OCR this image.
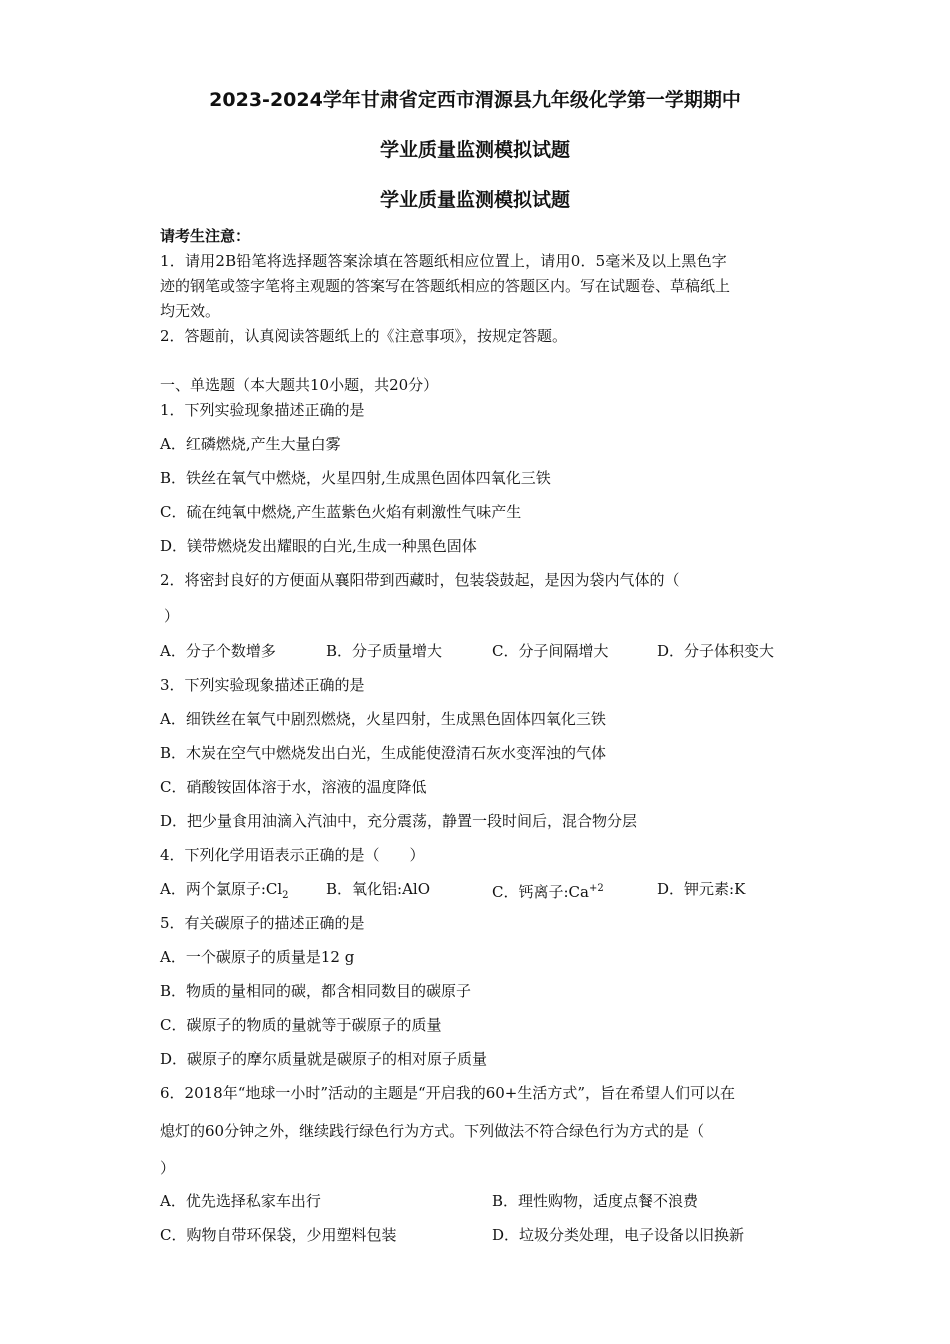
2023-2024学年甘肃省定西市渭源县九年级化学第一学期期中
学业质量监测模拟试题
学业质量监测模拟试题
请考生注意：
1．请用2B铅笔将选择题答案涂填在答题纸相应位置上，请用0．5毫米及以上黑色字
迹的钢笔或签字笔将主观题的答案写在答题纸相应的答题区内。写在试题卷、草稿纸上
均无效。
2．答题前，认真阅读答题纸上的《注意事项》，按规定答题。
一、单选题（本大题共10小题，共20分）
1．下列实验现象描述正确的是
A．红磷燃烧,产生大量白雾
B．铁丝在氧气中燃烧，火星四射,生成黑色固体四氧化三铁
C．硫在纯氧中燃烧,产生蓝紫色火焰有刺激性气味产生
D．镁带燃烧发出耀眼的白光,生成一种黑色固体
2．将密封良好的方便面从襄阳带到西藏时，包装袋鼓起，是因为袋内气体的（
）
A．分子个数增多	B．分子质量增大	C．分子间隔增大	D．分子体积变大
3．下列实验现象描述正确的是
A．细铁丝在氧气中剧烈燃烧，火星四射，生成黑色固体四氧化三铁
B．木炭在空气中燃烧发出白光，生成能使澄清石灰水变浑浊的气体
C．硝酸铵固体溶于水，溶液的温度降低
D．把少量食用油滴入汽油中，充分震荡，静置一段时间后，混合物分层
4．下列化学用语表示正确的是（　　）
A．两个氯原子$:Cl_2$ B．氧化铝:AlO	C．钙离子$:Ca^{+2}$	D．钾元素:K
5．有关碳原子的描述正确的是
A．一个碳原子的质量是12 g
B．物质的量相同的碳，都含相同数目的碳原子
C．碳原子的物质的量就等于碳原子的质量
D．碳原子的摩尔质量就是碳原子的相对原子质量
6．2018年“地球一小时”活动的主题是“开启我的60+生活方式”，旨在希望人们可以在
熄灯的60分钟之外，继续践行绿色行为方式。下列做法不符合绿色行为方式的是（
）
A．优先选择私家车出行	B．理性购物，适度点餐不浪费
C．购物自带环保袋，少用塑料包装	D．垃圾分类处理，电子设备以旧换新
